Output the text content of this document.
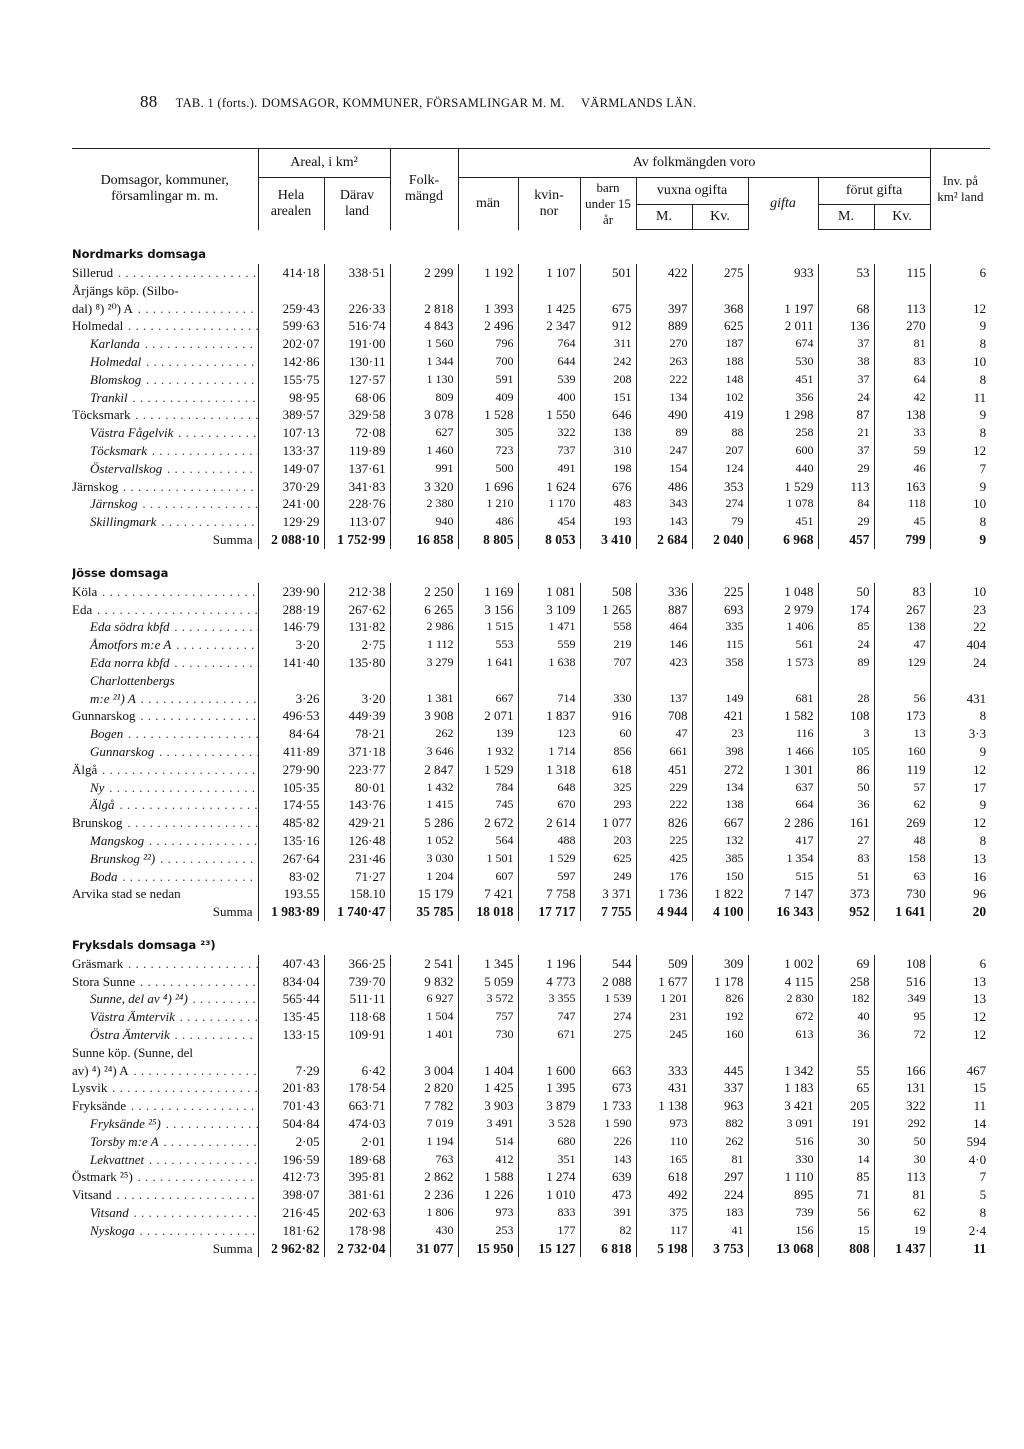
88 TAB. 1 (forts.). DOMSAGOR, KOMMUNER, FÖRSAMLINGAR M. M. VÄRMLANDS LÄN.
Domsagor, kommuner, församlingar m. m.	Areal, i km²		Folk-mängd	Av folkmängden voro								Inv. på km² land
	Hela arealen	Därav land		män	kvin-nor	barn under 15 år	vuxna ogifta		gifta	förut gifta		
							M.	Kv.		M.	Kv.	
Nordmarks domsaga												
Sillerud . . .	414·18	338·51	2 299	1 192	1 107	501	422	275	933	53	115	6
Årjängs köp. (Silbo-												
dal) ⁸) ²⁰) A . . .	259·43	226·33	2 818	1 393	1 425	675	397	368	1 197	68	113	12
Holmedal . . .	599·63	516·74	4 843	2 496	2 347	912	889	625	2 011	136	270	9
Karlanda . . .	202·07	191·00	1 560	796	764	311	270	187	674	37	81	8
Holmedal . . .	142·86	130·11	1 344	700	644	242	263	188	530	38	83	10
Blomskog . . .	155·75	127·57	1 130	591	539	208	222	148	451	37	64	8
Trankil . . .	98·95	68·06	809	409	400	151	134	102	356	24	42	11
Töcksmark . . .	389·57	329·58	3 078	1 528	1 550	646	490	419	1 298	87	138	9
Västra Fågelvik . . .	107·13	72·08	627	305	322	138	89	88	258	21	33	8
Töcksmark . . .	133·37	119·89	1 460	723	737	310	247	207	600	37	59	12
Östervallskog . . .	149·07	137·61	991	500	491	198	154	124	440	29	46	7
Järnskog . . .	370·29	341·83	3 320	1 696	1 624	676	486	353	1 529	113	163	9
Järnskog . . .	241·00	228·76	2 380	1 210	1 170	483	343	274	1 078	84	118	10
Skillingmark . . .	129·29	113·07	940	486	454	193	143	79	451	29	45	8
Summa	2 088·10	1 752·99	16 858	8 805	8 053	3 410	2 684	2 040	6 968	457	799	9
Jösse domsaga												
Köla . . .	239·90	212·38	2 250	1 169	1 081	508	336	225	1 048	50	83	10
Eda . . .	288·19	267·62	6 265	3 156	3 109	1 265	887	693	2 979	174	267	23
Eda södra kbfd . . .	146·79	131·82	2 986	1 515	1 471	558	464	335	1 406	85	138	22
Åmotfors m:e A . . .	3·20	2·75	1 112	553	559	219	146	115	561	24	47	404
Eda norra kbfd . . .	141·40	135·80	3 279	1 641	1 638	707	423	358	1 573	89	129	24
Charlottenbergs												
m:e ²¹) A . . .	3·26	3·20	1 381	667	714	330	137	149	681	28	56	431
Gunnarskog . . .	496·53	449·39	3 908	2 071	1 837	916	708	421	1 582	108	173	8
Bogen . . .	84·64	78·21	262	139	123	60	47	23	116	3	13	3·3
Gunnarskog . . .	411·89	371·18	3 646	1 932	1 714	856	661	398	1 466	105	160	9
Älgå . . .	279·90	223·77	2 847	1 529	1 318	618	451	272	1 301	86	119	12
Ny . . .	105·35	80·01	1 432	784	648	325	229	134	637	50	57	17
Älgå . . .	174·55	143·76	1 415	745	670	293	222	138	664	36	62	9
Brunskog . . .	485·82	429·21	5 286	2 672	2 614	1 077	826	667	2 286	161	269	12
Mangskog . . .	135·16	126·48	1 052	564	488	203	225	132	417	27	48	8
Brunskog ²²) . . .	267·64	231·46	3 030	1 501	1 529	625	425	385	1 354	83	158	13
Boda . . .	83·02	71·27	1 204	607	597	249	176	150	515	51	63	16
Arvika stad se nedan	193.55	158.10	15 179	7 421	7 758	3 371	1 736	1 822	7 147	373	730	96
Summa	1 983·89	1 740·47	35 785	18 018	17 717	7 755	4 944	4 100	16 343	952	1 641	20
Fryksdals domsaga ²³)												
Gräsmark . . .	407·43	366·25	2 541	1 345	1 196	544	509	309	1 002	69	108	6
Stora Sunne . . .	834·04	739·70	9 832	5 059	4 773	2 088	1 677	1 178	4 115	258	516	13
Sunne, del av ⁴) ²⁴) . . .	565·44	511·11	6 927	3 572	3 355	1 539	1 201	826	2 830	182	349	13
Västra Ämtervik . . .	135·45	118·68	1 504	757	747	274	231	192	672	40	95	12
Östra Ämtervik . . .	133·15	109·91	1 401	730	671	275	245	160	613	36	72	12
Sunne köp. (Sunne, del												
av) ⁴) ²⁴) A . . .	7·29	6·42	3 004	1 404	1 600	663	333	445	1 342	55	166	467
Lysvik . . .	201·83	178·54	2 820	1 425	1 395	673	431	337	1 183	65	131	15
Fryksände . . .	701·43	663·71	7 782	3 903	3 879	1 733	1 138	963	3 421	205	322	11
Fryksände ²⁵) . . .	504·84	474·03	7 019	3 491	3 528	1 590	973	882	3 091	191	292	14
Torsby m:e A . . .	2·05	2·01	1 194	514	680	226	110	262	516	30	50	594
Lekvattnet . . .	196·59	189·68	763	412	351	143	165	81	330	14	30	4·0
Östmark ²⁵) . . .	412·73	395·81	2 862	1 588	1 274	639	618	297	1 110	85	113	7
Vitsand . . .	398·07	381·61	2 236	1 226	1 010	473	492	224	895	71	81	5
Vitsand . . .	216·45	202·63	1 806	973	833	391	375	183	739	56	62	8
Nyskoga . . .	181·62	178·98	430	253	177	82	117	41	156	15	19	2·4
Summa	2 962·82	2 732·04	31 077	15 950	15 127	6 818	5 198	3 753	13 068	808	1 437	11
